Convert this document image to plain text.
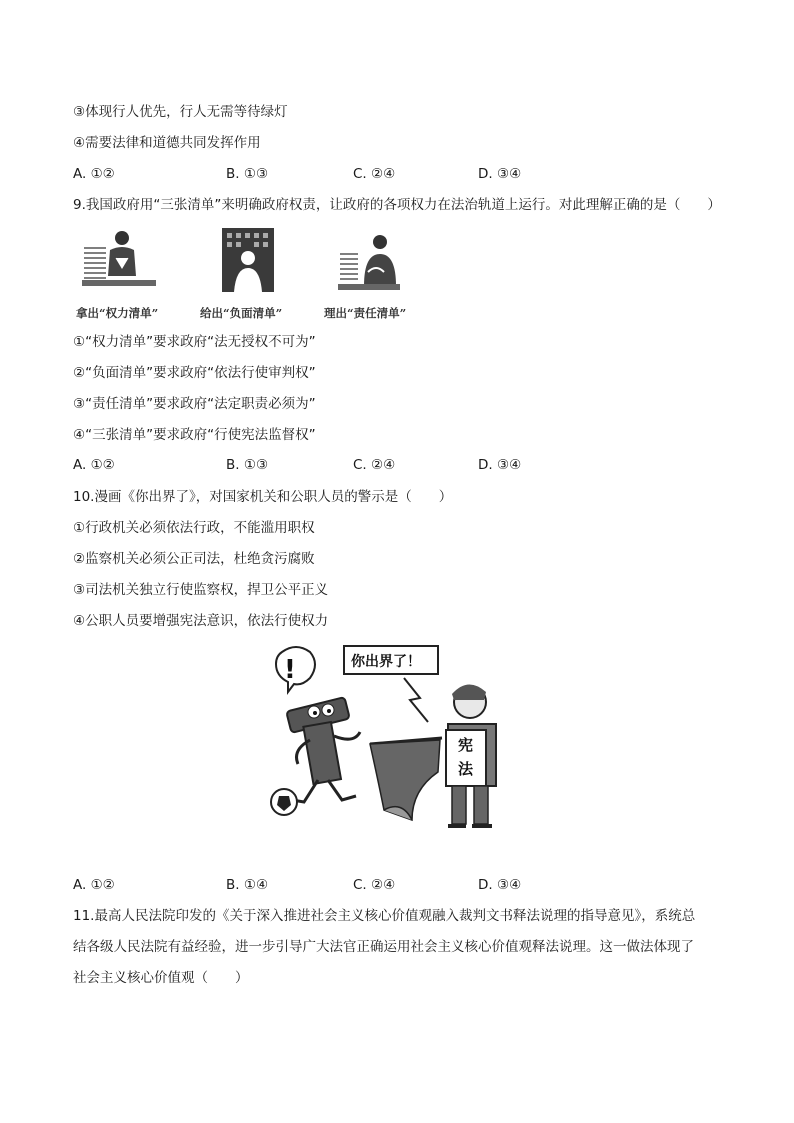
③体现行人优先，行人无需等待绿灯
④需要法律和道德共同发挥作用
A. ①②	B. ①③	C. ②④	D. ③④
9.我国政府用“三张清单”来明确政府权责，让政府的各项权力在法治轨道上运行。对此理解正确的是（　　）
拿出“权力清单”	给出“负面清单”	理出“责任清单”
①“权力清单”要求政府“法无授权不可为”
②“负面清单”要求政府“依法行使审判权”
③“责任清单”要求政府“法定职责必须为”
④“三张清单”要求政府“行使宪法监督权”
A. ①②	B. ①③	C. ②④	D. ③④
10.漫画《你出界了》，对国家机关和公职人员的警示是（　　）
①行政机关必须依法行政，不能滥用职权
②监察机关必须公正司法，杜绝贪污腐败
③司法机关独立行使监察权，捍卫公平正义
④公职人员要增强宪法意识，依法行使权力
!	你出界了！
宪
法
A. ①②	B. ①④	C. ②④	D. ③④
11.最高人民法院印发的《关于深入推进社会主义核心价值观融入裁判文书释法说理的指导意见》，系统总
结各级人民法院有益经验，进一步引导广大法官正确运用社会主义核心价值观释法说理。这一做法体现了
社会主义核心价值观（　　）
